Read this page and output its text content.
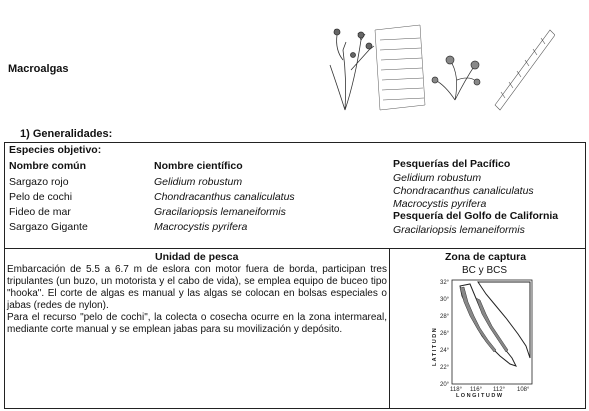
Macroalgas
1) Generalidades:
Especies objetivo:
Nombre común	Nombre científico
Sargazo rojo
Pelo de cochi
Fideo de mar
Sargazo Gigante
Gelidium robustum
Chondracanthus canaliculatus
Gracilariopsis lemaneiformis
Macrocystis pyrifera
Pesquerías del Pacífico
Gelidium robustum
Chondracanthus canaliculatus
Macrocystis pyrifera
Pesquería del Golfo de California
Gracilariopsis lemaneiformis
Unidad de pesca
Embarcación de 5.5 a 6.7 m de eslora con motor fuera de borda, participan tres tripulantes (un buzo, un motorista y el cabo de vida), se emplea equipo de buceo tipo "hooka". El corte de algas es manual y las algas se colocan en bolsas especiales o jabas (redes de nylon).
Para el recurso "pelo de cochi", la colecta o cosecha ocurre en la zona intermareal, mediante corte manual y se emplean jabas para su movilización y depósito.
Zona de captura
BC y BCS
32°
30°
28°
26°
24°
22°
20°
118° 116° 112° 108°
L O N G I T U D W
L A T I T U D N
